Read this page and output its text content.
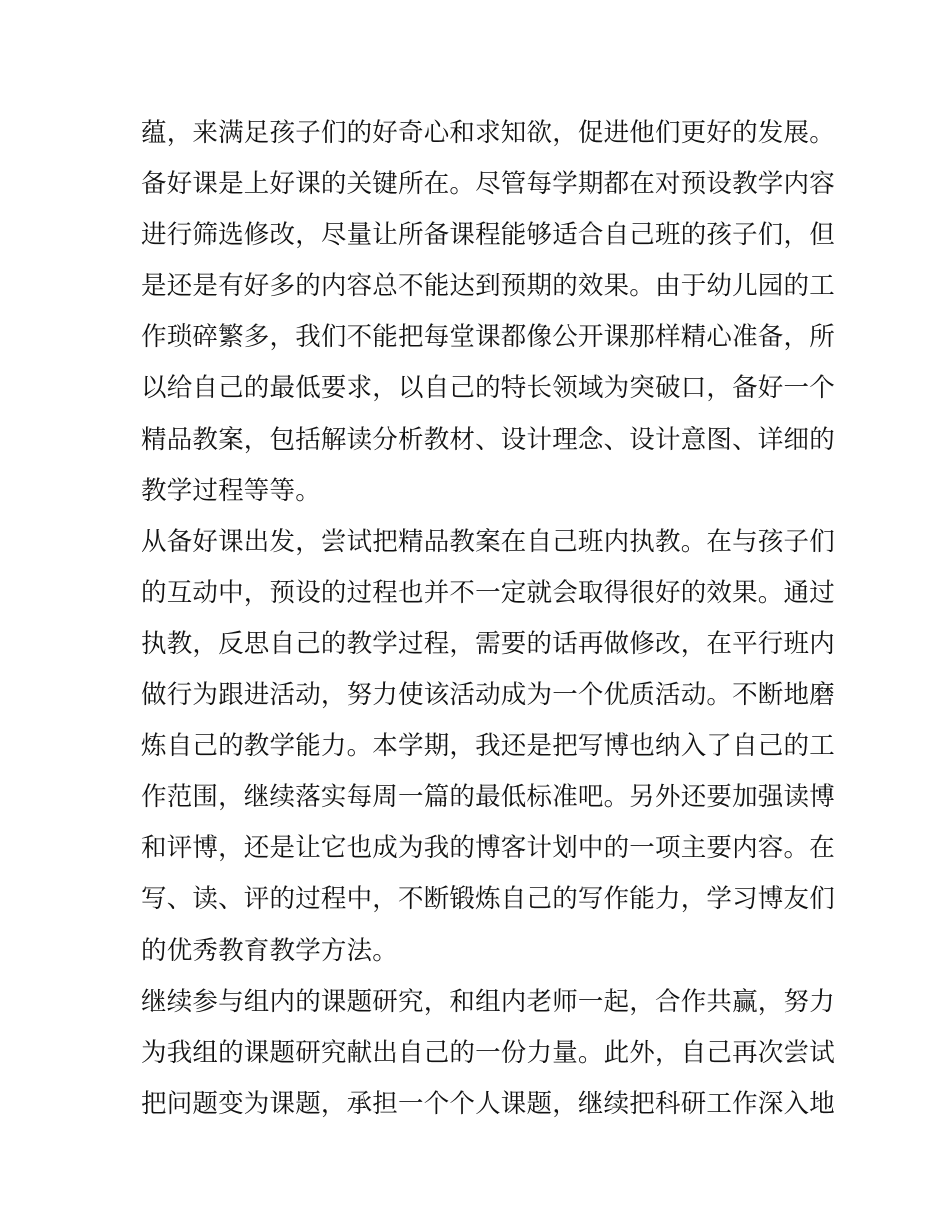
蕴，来满足孩子们的好奇心和求知欲，促进他们更好的发展。
备好课是上好课的关键所在。尽管每学期都在对预设教学内容
进行筛选修改，尽量让所备课程能够适合自己班的孩子们，但
是还是有好多的内容总不能达到预期的效果。由于幼儿园的工
作琐碎繁多，我们不能把每堂课都像公开课那样精心准备，所
以给自己的最低要求，以自己的特长领域为突破口，备好一个
精品教案，包括解读分析教材、设计理念、设计意图、详细的
教学过程等等。
从备好课出发，尝试把精品教案在自己班内执教。在与孩子们
的互动中，预设的过程也并不一定就会取得很好的效果。通过
执教，反思自己的教学过程，需要的话再做修改，在平行班内
做行为跟进活动，努力使该活动成为一个优质活动。不断地磨
炼自己的教学能力。本学期，我还是把写博也纳入了自己的工
作范围，继续落实每周一篇的最低标准吧。另外还要加强读博
和评博，还是让它也成为我的博客计划中的一项主要内容。在
写、读、评的过程中，不断锻炼自己的写作能力，学习博友们
的优秀教育教学方法。
继续参与组内的课题研究，和组内老师一起，合作共赢，努力
为我组的课题研究献出自己的一份力量。此外，自己再次尝试
把问题变为课题，承担一个个人课题，继续把科研工作深入地
